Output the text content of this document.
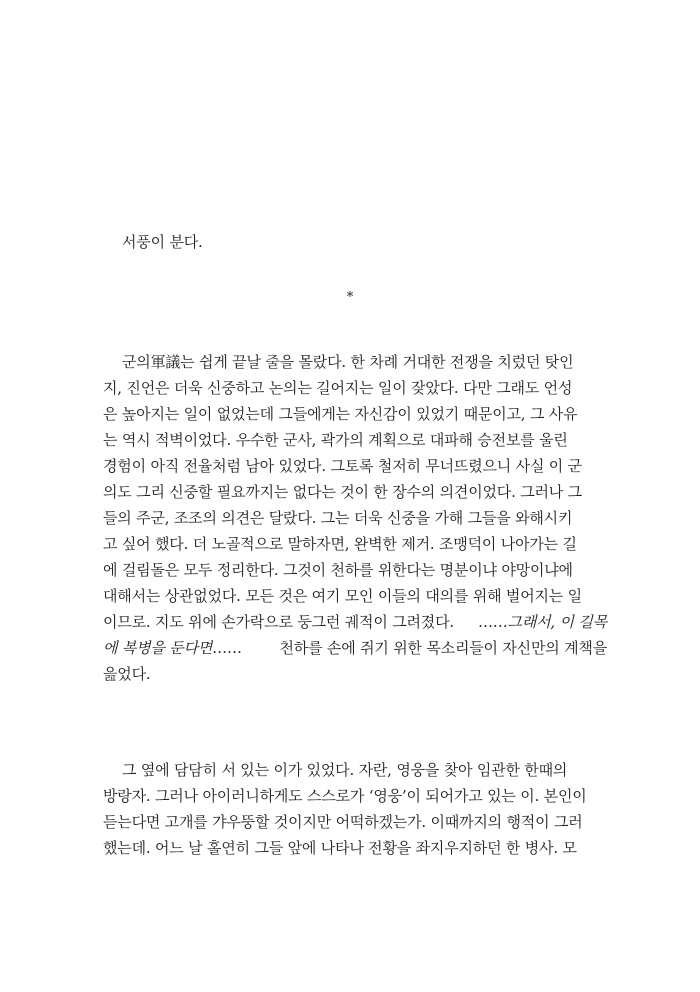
서풍이 분다.
*
군의軍議는 쉽게 끝날 줄을 몰랐다. 한 차례 거대한 전쟁을 치렀던 탓인
지, 진언은 더욱 신중하고 논의는 길어지는 일이 잦았다. 다만 그래도 언성
은 높아지는 일이 없었는데 그들에게는 자신감이 있었기 때문이고, 그 사유
는 역시 적벽이었다. 우수한 군사, 곽가의 계획으로 대파해 승전보를 울린
경험이 아직 전율처럼 남아 있었다. 그토록 철저히 무너뜨렸으니 사실 이 군
의도 그리 신중할 필요까지는 없다는 것이 한 장수의 의견이었다. 그러나 그
들의 주군, 조조의 의견은 달랐다. 그는 더욱 신중을 가해 그들을 와해시키
고 싶어 했다. 더 노골적으로 말하자면, 완벽한 제거. 조맹덕이 나아가는 길
에 걸림돌은 모두 정리한다. 그것이 천하를 위한다는 명분이냐 야망이냐에
대해서는 상관없었다. 모든 것은 여기 모인 이들의 대의를 위해 벌어지는 일
이므로. 지도 위에 손가락으로 둥그런 궤적이 그려졌다. ……그래서, 이 길목
에 복병을 둔다면……	천하를 손에 쥐기 위한 목소리들이 자신만의 계책을
읊었다.
그 옆에 담담히 서 있는 이가 있었다. 자란, 영웅을 찾아 임관한 한때의
방랑자. 그러나 아이러니하게도 스스로가 ‘영웅’이 되어가고 있는 이. 본인이
듣는다면 고개를 갸우뚱할 것이지만 어떡하겠는가. 이때까지의 행적이 그러
했는데. 어느 날 홀연히 그들 앞에 나타나 전황을 좌지우지하던 한 병사. 모
